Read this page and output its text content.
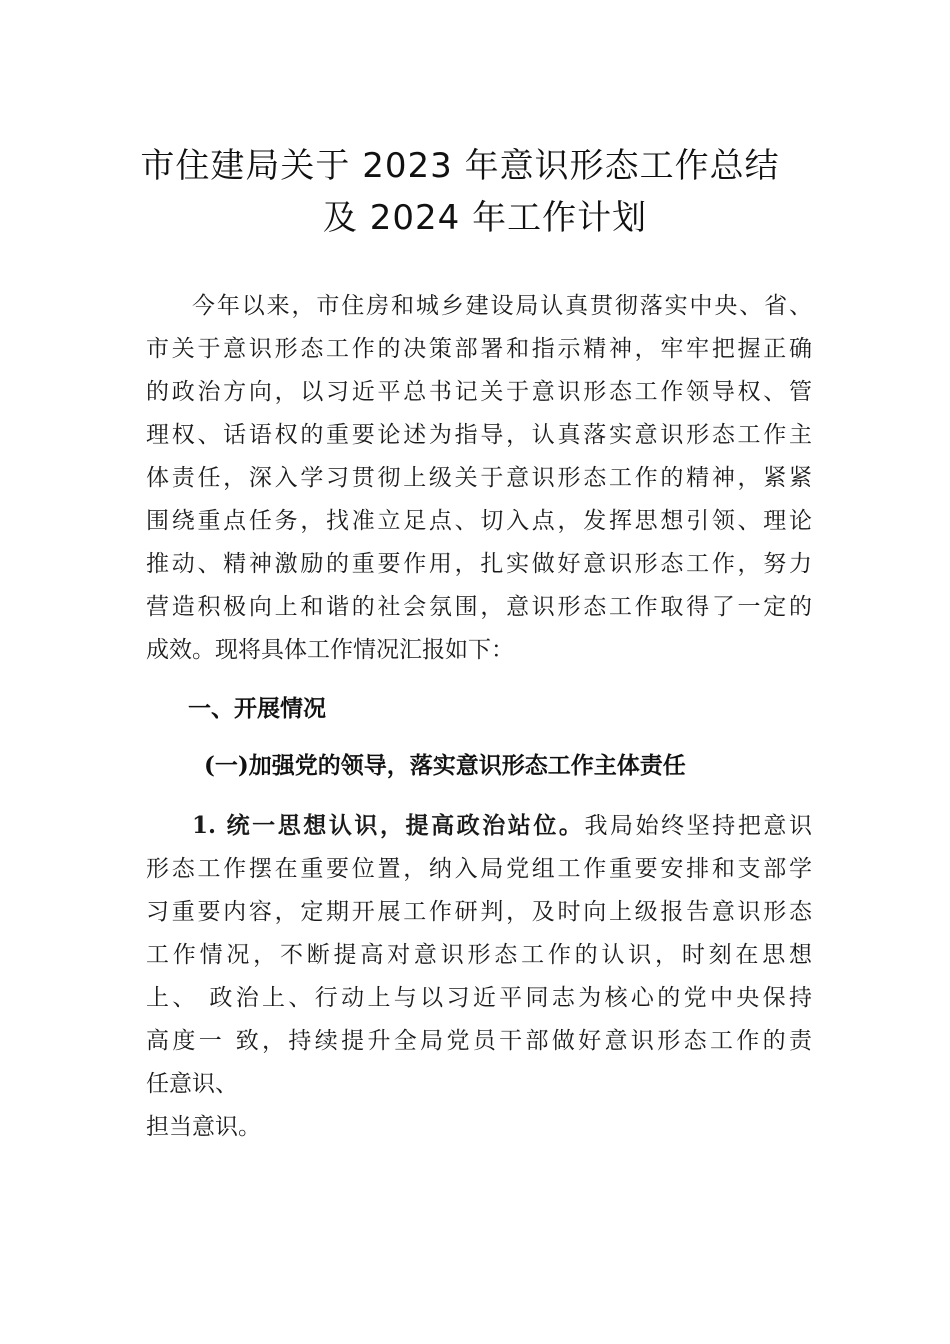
市住建局关于 2023 年意识形态工作总结
及 2024 年工作计划
今年以来，市住房和城乡建设局认真贯彻落实中央、省、
市关于意识形态工作的决策部署和指示精神，牢牢把握正确
的政治方向，以习近平总书记关于意识形态工作领导权、管
理权、话语权的重要论述为指导，认真落实意识形态工作主
体责任，深入学习贯彻上级关于意识形态工作的精神，紧紧
围绕重点任务，找准立足点、切入点，发挥思想引领、理论
推动、精神激励的重要作用，扎实做好意识形态工作，努力
营造积极向上和谐的社会氛围，意识形态工作取得了一定的
成效。现将具体工作情况汇报如下：
一、开展情况
(一)加强党的领导，落实意识形态工作主体责任
1. 统一思想认识，提高政治站位。我局始终坚持把意识
形态工作摆在重要位置，纳入局党组工作重要安排和支部学
习重要内容，定期开展工作研判，及时向上级报告意识形态
工作情况，不断提高对意识形态工作的认识，时刻在思想
上、 政治上、行动上与以习近平同志为核心的党中央保持
高度一 致，持续提升全局党员干部做好意识形态工作的责
任意识、
担当意识。
